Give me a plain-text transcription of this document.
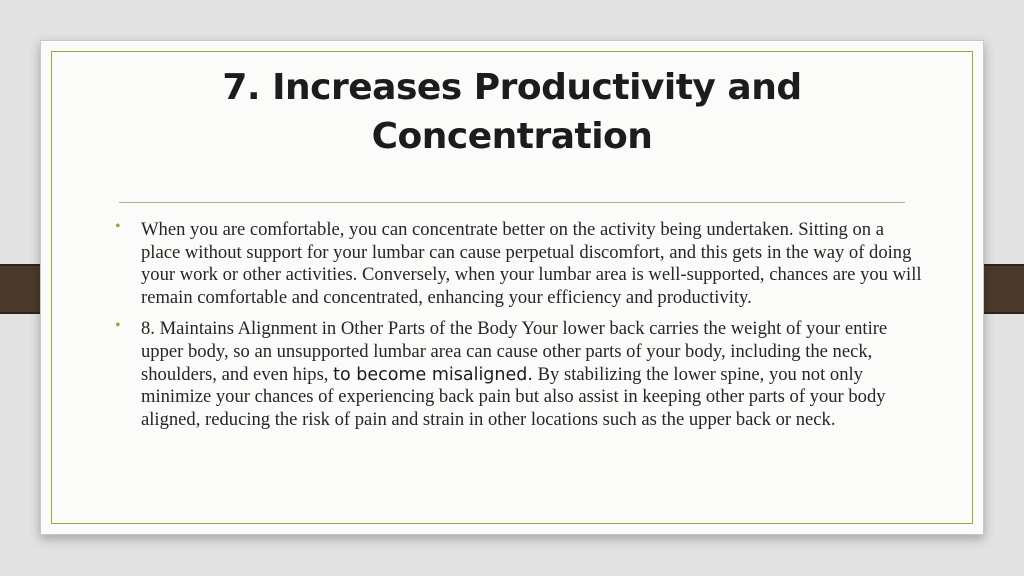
7. Increases Productivity and Concentration
• When you are comfortable, you can concentrate better on the activity being undertaken. Sitting on a place without support for your lumbar can cause perpetual discomfort, and this gets in the way of doing your work or other activities. Conversely, when your lumbar area is well-supported, chances are you will remain comfortable and concentrated, enhancing your efficiency and productivity.
• 8. Maintains Alignment in Other Parts of the Body Your lower back carries the weight of your entire upper body, so an unsupported lumbar area can cause other parts of your body, including the neck, shoulders, and even hips, to become misaligned. By stabilizing the lower spine, you not only minimize your chances of experiencing back pain but also assist in keeping other parts of your body aligned, reducing the risk of pain and strain in other locations such as the upper back or neck.
